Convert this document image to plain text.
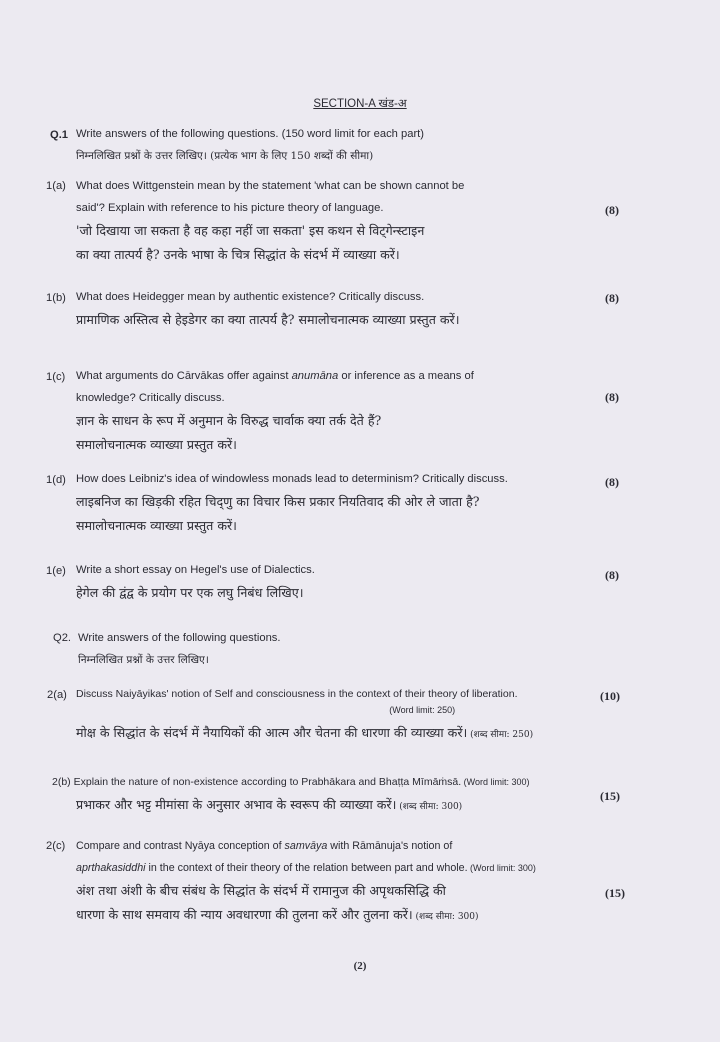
SECTION-A खंड-अ
Q.1 Write answers of the following questions. (150 word limit for each part)
निम्नलिखित प्रश्नों के उत्तर लिखिए। (प्रत्येक भाग के लिए 150 शब्दों की सीमा)
1(a) What does Wittgenstein mean by the statement 'what can be shown cannot be
said'? Explain with reference to his picture theory of language.
'जो दिखाया जा सकता है वह कहा नहीं जा सकता' इस कथन से विट्गेन्स्टाइन
का क्या तात्पर्य है? उनके भाषा के चित्र सिद्धांत के संदर्भ में व्याख्या करें।
(8)
1(b) What does Heidegger mean by authentic existence? Critically discuss.
प्रामाणिक अस्तित्व से हेइडेगर का क्या तात्पर्य है? समालोचनात्मक व्याख्या प्रस्तुत करें।
(8)
1(c) What arguments do Cārvākas offer against anumāna or inference as a means of
knowledge? Critically discuss.
ज्ञान के साधन के रूप में अनुमान के विरुद्ध चार्वाक क्या तर्क देते हैं?
समालोचनात्मक व्याख्या प्रस्तुत करें।
(8)
1(d) How does Leibniz's idea of windowless monads lead to determinism? Critically discuss.
लाइबनिज का खिड़की रहित चिद्णु का विचार किस प्रकार नियतिवाद की ओर ले जाता है?
समालोचनात्मक व्याख्या प्रस्तुत करें।
(8)
1(e) Write a short essay on Hegel's use of Dialectics.
हेगेल की द्वंद्व के प्रयोग पर एक लघु निबंध लिखिए।
(8)
Q2. Write answers of the following questions.
निम्नलिखित प्रश्नों के उत्तर लिखिए।
2(a) Discuss Naiyāyikas' notion of Self and consciousness in the context of their theory of liberation.
(Word limit: 250)
मोक्ष के सिद्धांत के संदर्भ में नैयायिकों की आत्म और चेतना की धारणा की व्याख्या करें। (शब्द सीमा: 250)
(10)
2(b) Explain the nature of non-existence according to Prabhākara and Bhaṭṭa Mīmāṁsā. (Word limit: 300)
प्रभाकर और भट्ट मीमांसा के अनुसार अभाव के स्वरूप की व्याख्या करें। (शब्द सीमा: 300)
(15)
2(c) Compare and contrast Nyāya conception of samvāya with Rāmānuja's notion of
aprthakasiddhi in the context of their theory of the relation between part and whole. (Word limit: 300)
अंश तथा अंशी के बीच संबंध के सिद्धांत के संदर्भ में रामानुज की अपृथकसिद्धि की
धारणा के साथ समवाय की न्याय अवधारणा की तुलना करें और तुलना करें। (शब्द सीमा: 300)
(15)
(2)
